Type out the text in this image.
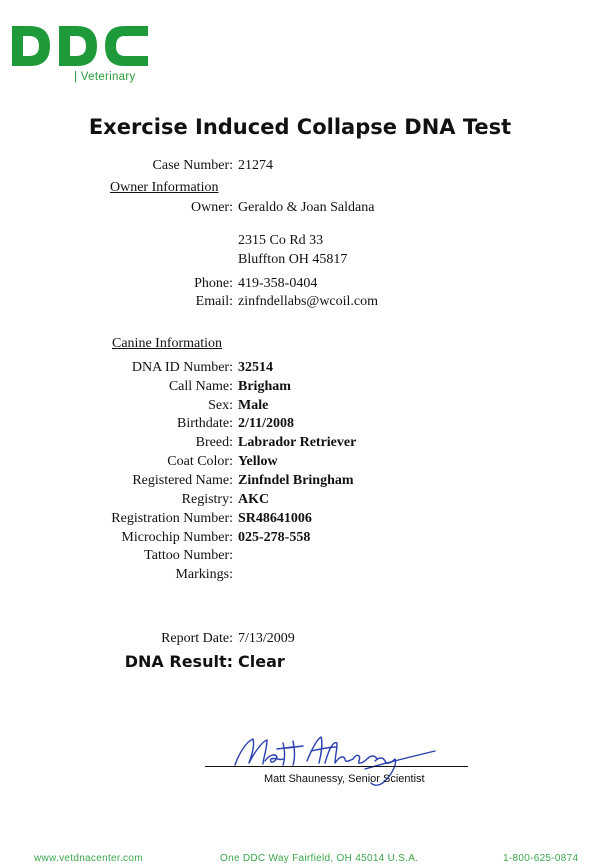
| Veterinary
Exercise Induced Collapse DNA Test
Case Number: 21274
Owner Information
Owner: Geraldo & Joan Saldana
2315 Co Rd 33
Bluffton OH 45817
Phone: 419-358-0404
Email: zinfndellabs@wcoil.com
Canine Information
DNA ID Number: 32514
Call Name: Brigham
Sex: Male
Birthdate: 2/11/2008
Breed: Labrador Retriever
Coat Color: Yellow
Registered Name: Zinfndel Bringham
Registry: AKC
Registration Number: SR48641006
Microchip Number: 025-278-558
Tattoo Number:
Markings:
Report Date: 7/13/2009
DNA Result: Clear
Matt Shaunessy, Senior Scientist
www.vetdnacenter.com	One DDC Way Fairfield, OH 45014 U.S.A.	1-800-625-0874
